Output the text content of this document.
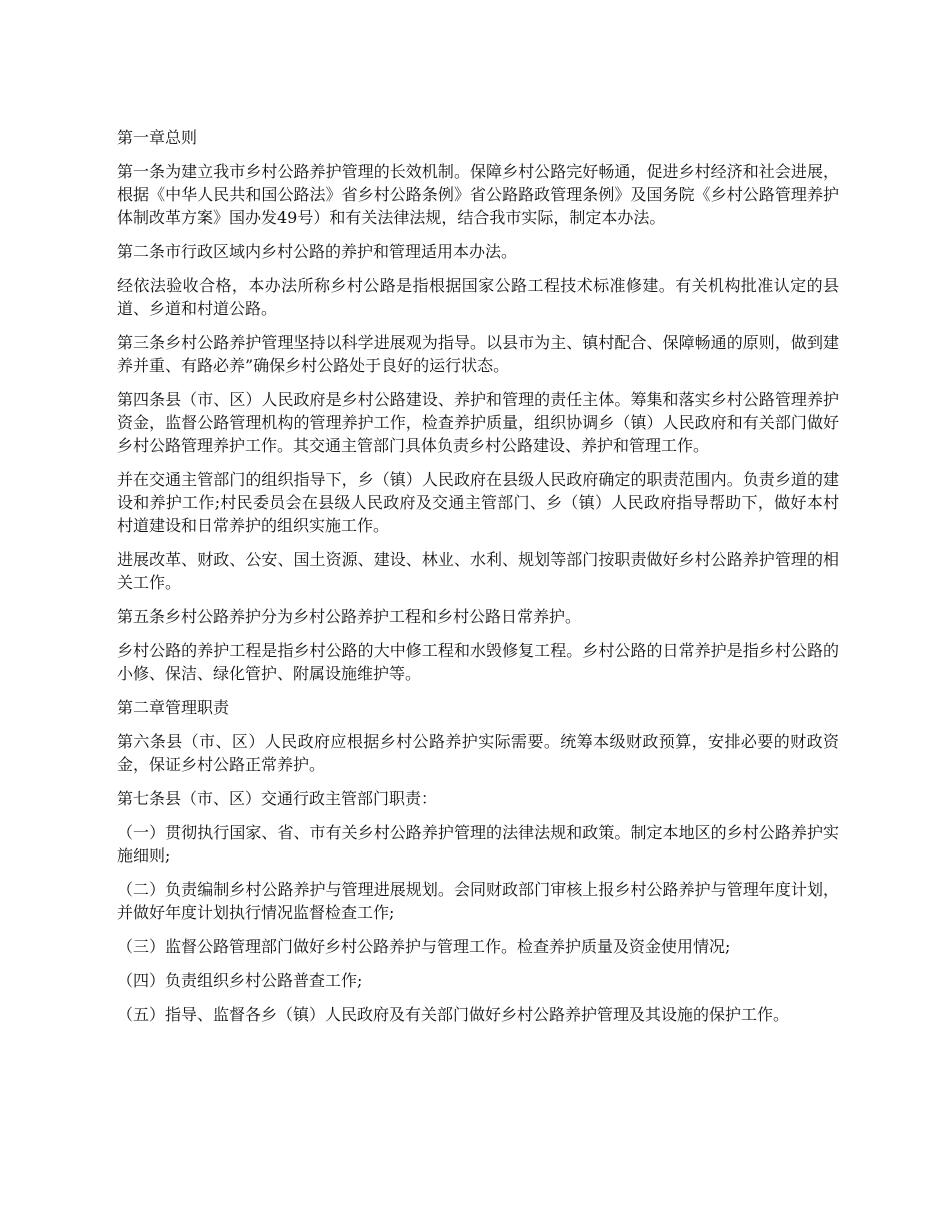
第一章总则

第一条为建立我市乡村公路养护管理的长效机制。保障乡村公路完好畅通，促进乡村经济和社会进展，根据《中华人民共和国公路法》省乡村公路条例》省公路路政管理条例》及国务院《乡村公路管理养护体制改革方案》国办发49号）和有关法律法规，结合我市实际，制定本办法。

第二条市行政区域内乡村公路的养护和管理适用本办法。

经依法验收合格，本办法所称乡村公路是指根据国家公路工程技术标准修建。有关机构批准认定的县道、乡道和村道公路。

第三条乡村公路养护管理坚持以科学进展观为指导。以县市为主、镇村配合、保障畅通的原则，做到建养并重、有路必养”确保乡村公路处于良好的运行状态。

第四条县（市、区）人民政府是乡村公路建设、养护和管理的责任主体。筹集和落实乡村公路管理养护资金，监督公路管理机构的管理养护工作，检查养护质量，组织协调乡（镇）人民政府和有关部门做好乡村公路管理养护工作。其交通主管部门具体负责乡村公路建设、养护和管理工作。

并在交通主管部门的组织指导下，乡（镇）人民政府在县级人民政府确定的职责范围内。负责乡道的建设和养护工作;村民委员会在县级人民政府及交通主管部门、乡（镇）人民政府指导帮助下，做好本村村道建设和日常养护的组织实施工作。

进展改革、财政、公安、国土资源、建设、林业、水利、规划等部门按职责做好乡村公路养护管理的相关工作。

第五条乡村公路养护分为乡村公路养护工程和乡村公路日常养护。

乡村公路的养护工程是指乡村公路的大中修工程和水毁修复工程。乡村公路的日常养护是指乡村公路的小修、保洁、绿化管护、附属设施维护等。

第二章管理职责

第六条县（市、区）人民政府应根据乡村公路养护实际需要。统筹本级财政预算，安排必要的财政资金，保证乡村公路正常养护。

第七条县（市、区）交通行政主管部门职责：

（一）贯彻执行国家、省、市有关乡村公路养护管理的法律法规和政策。制定本地区的乡村公路养护实施细则;

（二）负责编制乡村公路养护与管理进展规划。会同财政部门审核上报乡村公路养护与管理年度计划，并做好年度计划执行情况监督检查工作;

（三）监督公路管理部门做好乡村公路养护与管理工作。检查养护质量及资金使用情况;

（四）负责组织乡村公路普查工作;

（五）指导、监督各乡（镇）人民政府及有关部门做好乡村公路养护管理及其设施的保护工作。
